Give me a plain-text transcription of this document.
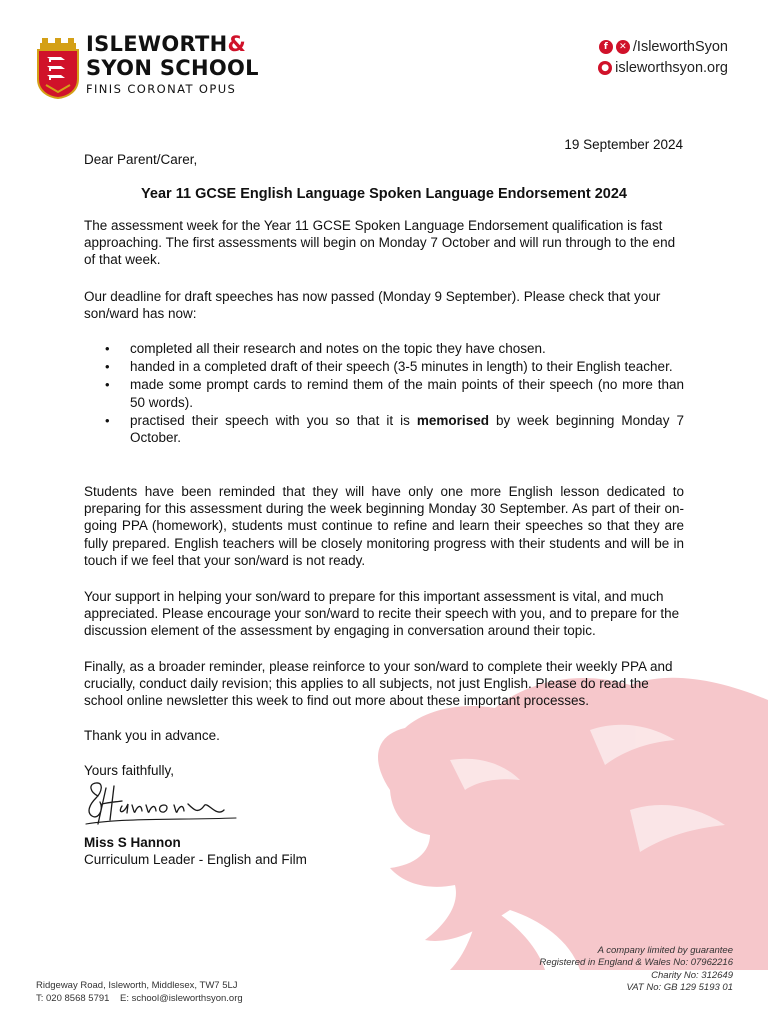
ISLEWORTH&
SYON SCHOOL
FINIS CORONAT OPUS
f	✕ /IsleworthSyon
● isleworthsyon.org
19 September 2024
Dear Parent/Carer,
Year 11 GCSE English Language Spoken Language Endorsement 2024
The assessment week for the Year 11 GCSE Spoken Language Endorsement qualification is fast approaching. The first assessments will begin on Monday 7 October and will run through to the end of that week.
Our deadline for draft speeches has now passed (Monday 9 September). Please check that your son/ward has now:
• completed all their research and notes on the topic they have chosen.
• handed in a completed draft of their speech (3-5 minutes in length) to their English teacher.
• made some prompt cards to remind them of the main points of their speech (no more than 50 words).
• practised their speech with you so that it is memorised by week beginning Monday 7 October.
Students have been reminded that they will have only one more English lesson dedicated to preparing for this assessment during the week beginning Monday 30 September. As part of their on-going PPA (homework), students must continue to refine and learn their speeches so that they are fully prepared. English teachers will be closely monitoring progress with their students and will be in touch if we feel that your son/ward is not ready.
Your support in helping your son/ward to prepare for this important assessment is vital, and much appreciated. Please encourage your son/ward to recite their speech with you, and to prepare for the discussion element of the assessment by engaging in conversation around their topic.
Finally, as a broader reminder, please reinforce to your son/ward to complete their weekly PPA and crucially, conduct daily revision; this applies to all subjects, not just English. Please do read the school online newsletter this week to find out more about these important processes.
Thank you in advance.
Yours faithfully,
Miss S Hannon
Curriculum Leader - English and Film
A company limited by guarantee
Registered in England & Wales No: 07962216
Charity No: 312649
VAT No: GB 129 5193 01
Ridgeway Road, Isleworth, Middlesex, TW7 5LJ
T: 020 8568 5791 E: school@isleworthsyon.org
